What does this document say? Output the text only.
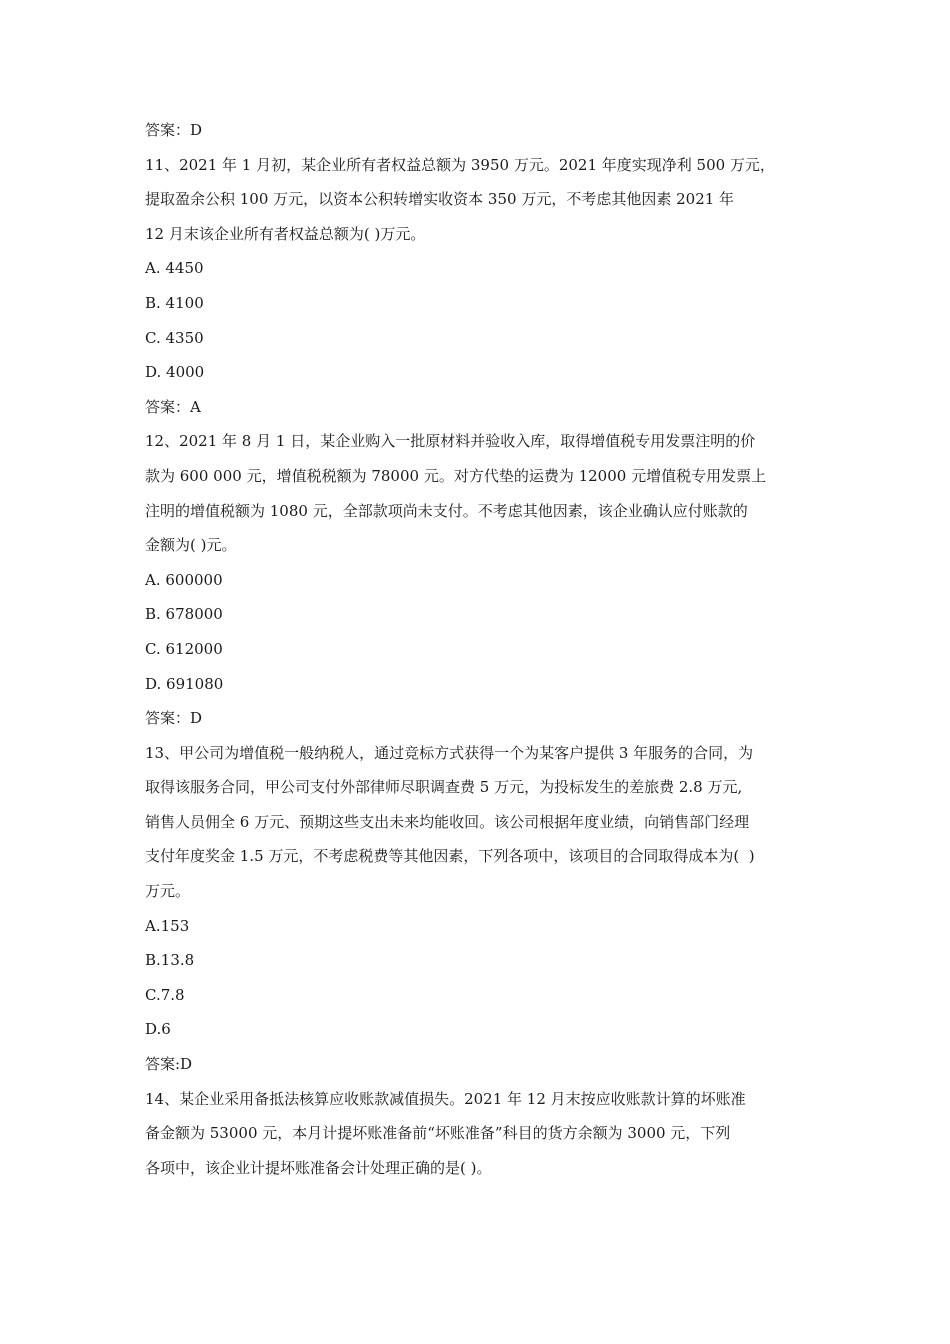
答案：D
11、2021 年 1 月初，某企业所有者权益总额为 3950 万元。2021 年度实现净利 500 万元，
提取盈余公积 100 万元，以资本公积转增实收资本 350 万元，不考虑其他因素 2021 年
12 月末该企业所有者权益总额为( )万元。
A. 4450
B. 4100
C. 4350
D. 4000
答案：A
12、2021 年 8 月 1 日，某企业购入一批原材料并验收入库，取得增值税专用发票注明的价
款为 600 000 元，增值税税额为 78000 元。对方代垫的运费为 12000 元增值税专用发票上
注明的增值税额为 1080 元，全部款项尚未支付。不考虑其他因素，该企业确认应付账款的
金额为( )元。
A. 600000
B. 678000
C. 612000
D. 691080
答案：D
13、甲公司为增值税一般纳税人，通过竞标方式获得一个为某客户提供 3 年服务的合同，为
取得该服务合同，甲公司支付外部律师尽职调查费 5 万元，为投标发生的差旅费 2.8 万元,
销售人员佣全 6 万元、预期这些支出未来均能收回。该公司根据年度业绩，向销售部门经理
支付年度奖金 1.5 万元，不考虑税费等其他因素，下列各项中，该项目的合同取得成本为(  )
万元。
A.153
B.13.8
C.7.8
D.6
答案:D
14、某企业采用备抵法核算应收账款减值损失。2021 年 12 月末按应收账款计算的坏账准
备金额为 53000 元，本月计提坏账准备前“坏账准备”科目的货方余额为 3000 元，下列
各项中，该企业计提坏账准备会计处理正确的是( )。
